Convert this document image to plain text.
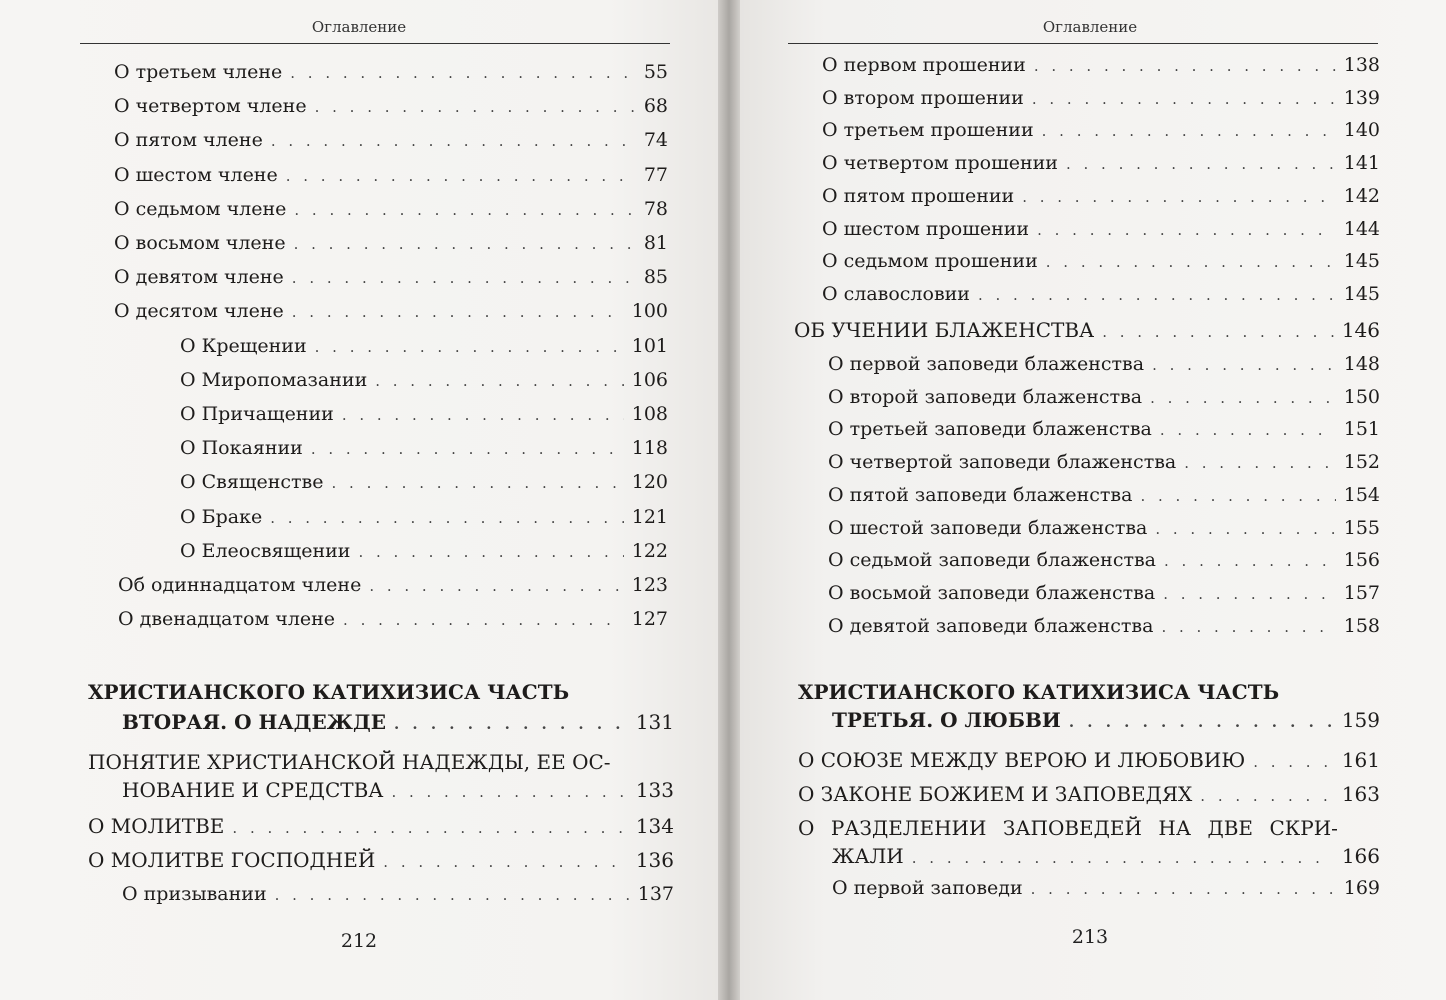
Оглавление
О третьем члене . . .	55
О четвертом члене . . .	68
О пятом члене . . .	74
О шестом члене . . .	77
О седьмом члене . . .	78
О восьмом члене . . .	81
О девятом члене . . .	85
О десятом члене . . .	100
О Крещении . . .	101
О Миропомазании . . .	106
О Причащении . . .	108
О Покаянии . . .	118
О Священстве . . .	120
О Браке . . .	121
О Елеосвящении . . .	122
Об одиннадцатом члене . . .	123
О двенадцатом члене . . .	127
ХРИСТИАНСКОГО КАТИХИЗИСА ЧАСТЬ
ВТОРАЯ. О НАДЕЖДЕ . . .	131
ПОНЯТИЕ ХРИСТИАНСКОЙ НАДЕЖДЫ, ЕЕ ОС-
НОВАНИЕ И СРЕДСТВА . . .	133
О МОЛИТВЕ . . .	134
О МОЛИТВЕ ГОСПОДНЕЙ . . .	136
О призывании . . .	137
212
Оглавление
О первом прошении . . .	138
О втором прошении . . .	139
О третьем прошении . . .	140
О четвертом прошении . . .	141
О пятом прошении . . .	142
О шестом прошении . . .	144
О седьмом прошении . . .	145
О славословии . . .	145
ОБ УЧЕНИИ БЛАЖЕНСТВА . . .	146
О первой заповеди блаженства . . .	148
О второй заповеди блаженства . . .	150
О третьей заповеди блаженства . . .	151
О четвертой заповеди блаженства . . .	152
О пятой заповеди блаженства . . .	154
О шестой заповеди блаженства . . .	155
О седьмой заповеди блаженства . . .	156
О восьмой заповеди блаженства . . .	157
О девятой заповеди блаженства . . .	158
ХРИСТИАНСКОГО КАТИХИЗИСА ЧАСТЬ
ТРЕТЬЯ. О ЛЮБВИ . . .	159
О СОЮЗЕ МЕЖДУ ВЕРОЮ И ЛЮБОВИЮ . . .	161
О ЗАКОНЕ БОЖИЕМ И ЗАПОВЕДЯХ . . .	163
О РАЗДЕЛЕНИИ ЗАПОВЕДЕЙ НА ДВЕ СКРИ-
ЖАЛИ . . .	166
О первой заповеди . . .	169
213
